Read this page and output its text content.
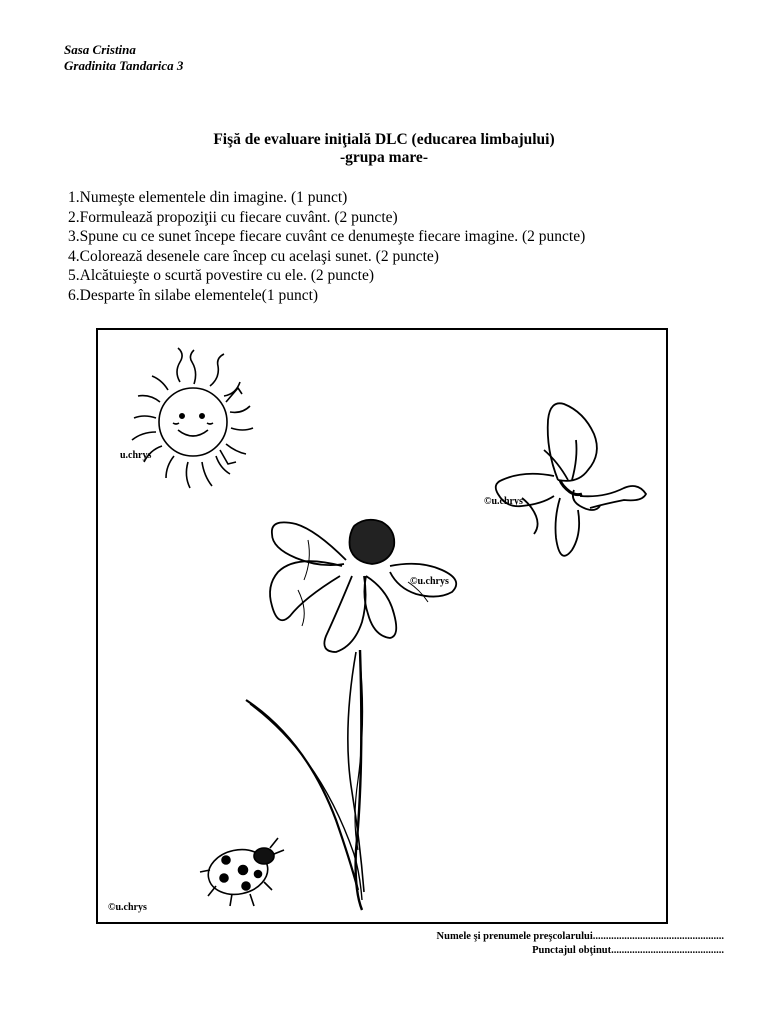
Sasa Cristina
Gradinita Tandarica 3
Fişă de evaluare iniţială DLC (educarea limbajului)
-grupa mare-
1.Numeşte elementele din imagine. (1 punct)
2.Formulează propoziţii cu fiecare cuvânt. (2 puncte)
3.Spune cu ce sunet începe fiecare cuvânt ce denumeşte fiecare imagine. (2 puncte)
4.Colorează desenele care încep cu acelaşi sunet. (2 puncte)
5.Alcătuieşte o scurtă povestire cu ele. (2 puncte)
6.Desparte în silabe elementele(1 punct)
u.chrys
©u.chrys
©u.chrys
©u.chrys
Numele şi prenumele preşcolarului..................................................
Punctajul obţinut...........................................
